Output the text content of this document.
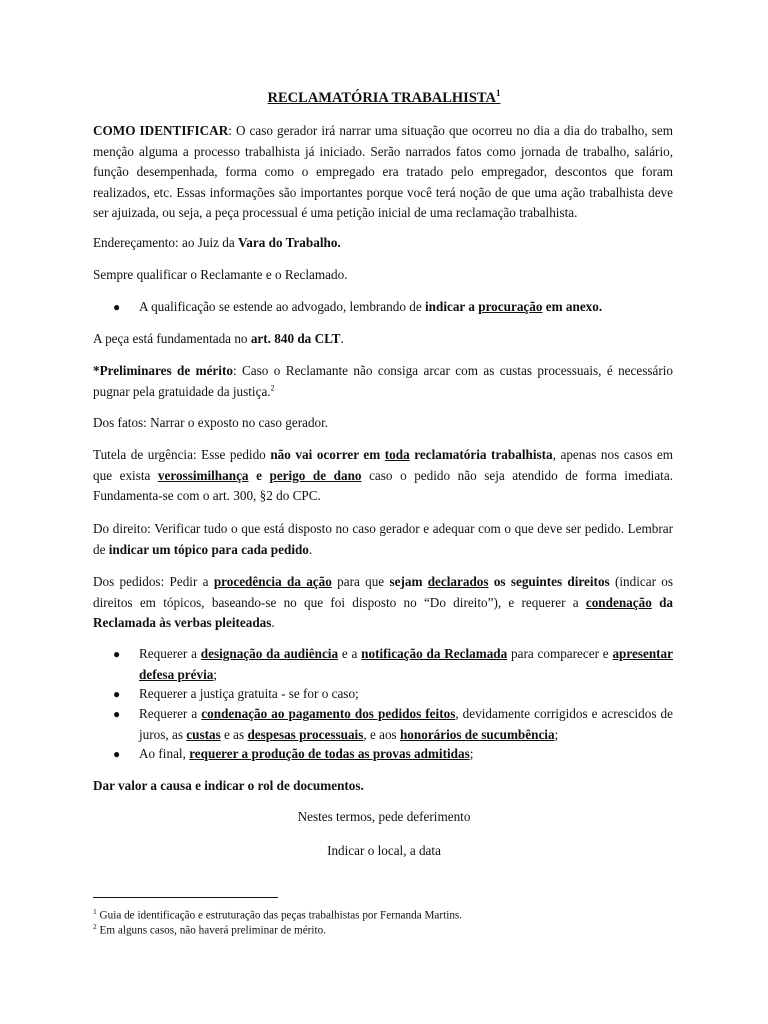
RECLAMATÓRIA TRABALHISTA$^1$

COMO IDENTIFICAR: O caso gerador irá narrar uma situação que ocorreu no dia a dia do trabalho, sem menção alguma a processo trabalhista já iniciado. Serão narrados fatos como jornada de trabalho, salário, função desempenhada, forma como o empregado era tratado pelo empregador, descontos que foram realizados, etc. Essas informações são importantes porque você terá noção de que uma ação trabalhista deve ser ajuizada, ou seja, a peça processual é uma petição inicial de uma reclamação trabalhista.

Endereçamento: ao Juiz da Vara do Trabalho.

Sempre qualificar o Reclamante e o Reclamado.

● A qualificação se estende ao advogado, lembrando de indicar a procuração em anexo.

A peça está fundamentada no art. 840 da CLT.

*Preliminares de mérito: Caso o Reclamante não consiga arcar com as custas processuais, é necessário pugnar pela gratuidade da justiça.$^2$

Dos fatos: Narrar o exposto no caso gerador.

Tutela de urgência: Esse pedido não vai ocorrer em toda reclamatória trabalhista, apenas nos casos em que exista verossimilhança e perigo de dano caso o pedido não seja atendido de forma imediata. Fundamenta-se com o art. 300, §2 do CPC.

Do direito: Verificar tudo o que está disposto no caso gerador e adequar com o que deve ser pedido. Lembrar de indicar um tópico para cada pedido.

Dos pedidos: Pedir a procedência da ação para que sejam declarados os seguintes direitos (indicar os direitos em tópicos, baseando-se no que foi disposto no “Do direito”), e requerer a condenação da Reclamada às verbas pleiteadas.

● Requerer a designação da audiência e a notificação da Reclamada para comparecer e apresentar defesa prévia;

● Requerer a justiça gratuita - se for o caso;

● Requerer a condenação ao pagamento dos pedidos feitos, devidamente corrigidos e acrescidos de juros, as custas e as despesas processuais, e aos honorários de sucumbência;

● Ao final, requerer a produção de todas as provas admitidas;

Dar valor a causa e indicar o rol de documentos.

Nestes termos, pede deferimento
Indicar o local, a data
$^1$ Guia de identificação e estruturação das peças trabalhistas por Fernanda Martins.
$^2$ Em alguns casos, não haverá preliminar de mérito.
